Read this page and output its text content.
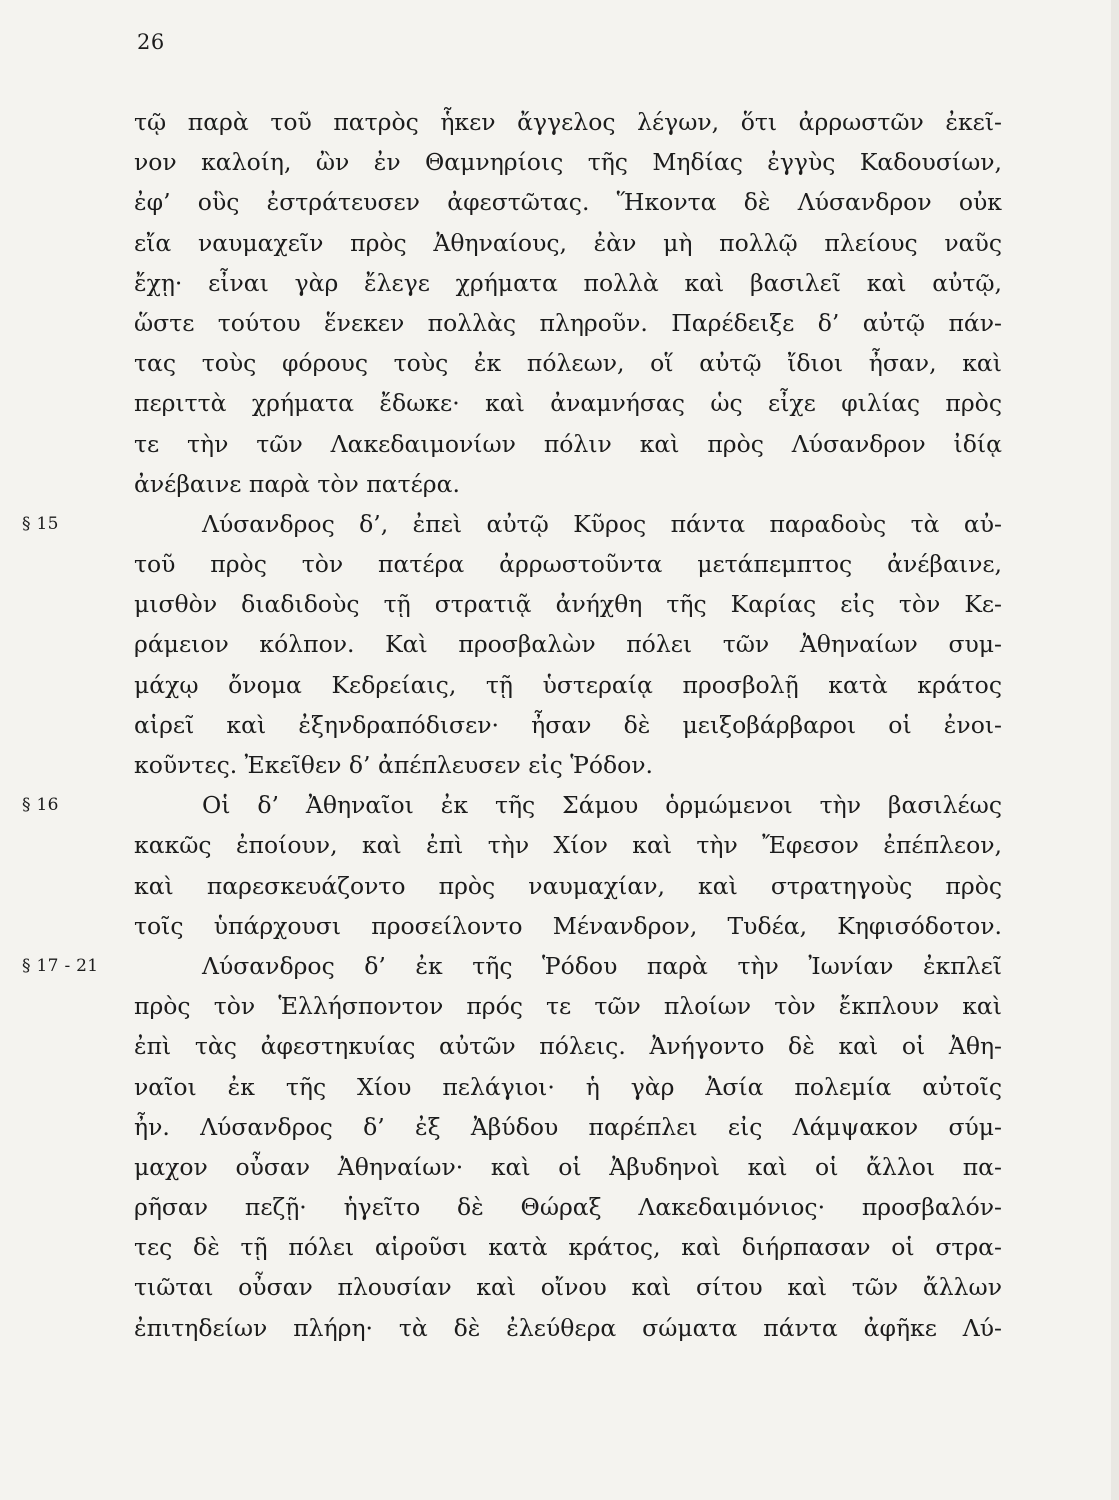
26
τῷ παρὰ τοῦ πατρὸς ἧκεν ἄγγελος λέγων, ὅτι ἀρρωστῶν ἐκεῖ-
νον καλοίη, ὢν ἐν Θαμνηρίοις τῆς Μηδίας ἐγγὺς Καδουσίων,
ἐφ’ οὓς ἐστράτευσεν ἀφεστῶτας. Ἥκοντα δὲ Λύσανδρον οὐκ
εἴα ναυμαχεῖν πρὸς Ἀθηναίους, ἐὰν μὴ πολλῷ πλείους ναῦς
ἔχῃ· εἶναι γὰρ ἔλεγε χρήματα πολλὰ καὶ βασιλεῖ καὶ αὐτῷ,
ὥστε τούτου ἕνεκεν πολλὰς πληροῦν. Παρέδειξε δ’ αὐτῷ πάν-
τας τοὺς φόρους τοὺς ἐκ πόλεων, οἵ αὐτῷ ἴδιοι ἦσαν, καὶ
περιττὰ χρήματα ἔδωκε· καὶ ἀναμνήσας ὡς εἶχε φιλίας πρὸς
τε τὴν τῶν Λακεδαιμονίων πόλιν καὶ πρὸς Λύσανδρον ἰδίᾳ
ἀνέβαινε παρὰ τὸν πατέρα.
§ 15	Λύσανδρος δ’, ἐπεὶ αὐτῷ Κῦρος πάντα παραδοὺς τὰ αὐ-
τοῦ πρὸς τὸν πατέρα ἀρρωστοῦντα μετάπεμπτος ἀνέβαινε,
μισθὸν διαδιδοὺς τῇ στρατιᾷ ἀνήχθη τῆς Καρίας εἰς τὸν Κε-
ράμειον κόλπον. Καὶ προσβαλὼν πόλει τῶν Ἀθηναίων συμ-
μάχῳ ὄνομα Κεδρείαις, τῇ ὑστεραίᾳ προσβολῇ κατὰ κράτος
αἱρεῖ καὶ ἐξηνδραπόδισεν· ἦσαν δὲ μειξοβάρβαροι οἱ ἐνοι-
κοῦντες. Ἐκεῖθεν δ’ ἀπέπλευσεν εἰς Ῥόδον.
§ 16	Οἱ δ’ Ἀθηναῖοι ἐκ τῆς Σάμου ὁρμώμενοι τὴν βασιλέως
κακῶς ἐποίουν, καὶ ἐπὶ τὴν Χίον καὶ τὴν Ἔφεσον ἐπέπλεον,
καὶ παρεσκευάζοντο πρὸς ναυμαχίαν, καὶ στρατηγοὺς πρὸς
τοῖς ὑπάρχουσι προσείλοντο Μένανδρον, Τυδέα, Κηφισόδοτον.
§ 17 - 21	Λύσανδρος δ’ ἐκ τῆς Ῥόδου παρὰ τὴν Ἰωνίαν ἐκπλεῖ
πρὸς τὸν Ἑλλήσποντον πρός τε τῶν πλοίων τὸν ἔκπλουν καὶ
ἐπὶ τὰς ἀφεστηκυίας αὐτῶν πόλεις. Ἀνήγοντο δὲ καὶ οἱ Ἀθη-
ναῖοι ἐκ τῆς Χίου πελάγιοι· ἡ γὰρ Ἀσία πολεμία αὐτοῖς
ἦν. Λύσανδρος δ’ ἐξ Ἀβύδου παρέπλει εἰς Λάμψακον σύμ-
μαχον οὖσαν Ἀθηναίων· καὶ οἱ Ἀβυδηνοὶ καὶ οἱ ἄλλοι πα-
ρῆσαν πεζῇ· ἡγεῖτο δὲ Θώραξ Λακεδαιμόνιος· προσβαλόν-
τες δὲ τῇ πόλει αἱροῦσι κατὰ κράτος, καὶ διήρπασαν οἱ στρα-
τιῶται οὖσαν πλουσίαν καὶ οἴνου καὶ σίτου καὶ τῶν ἄλλων
ἐπιτηδείων πλήρη· τὰ δὲ ἐλεύθερα σώματα πάντα ἀφῆκε Λύ-
